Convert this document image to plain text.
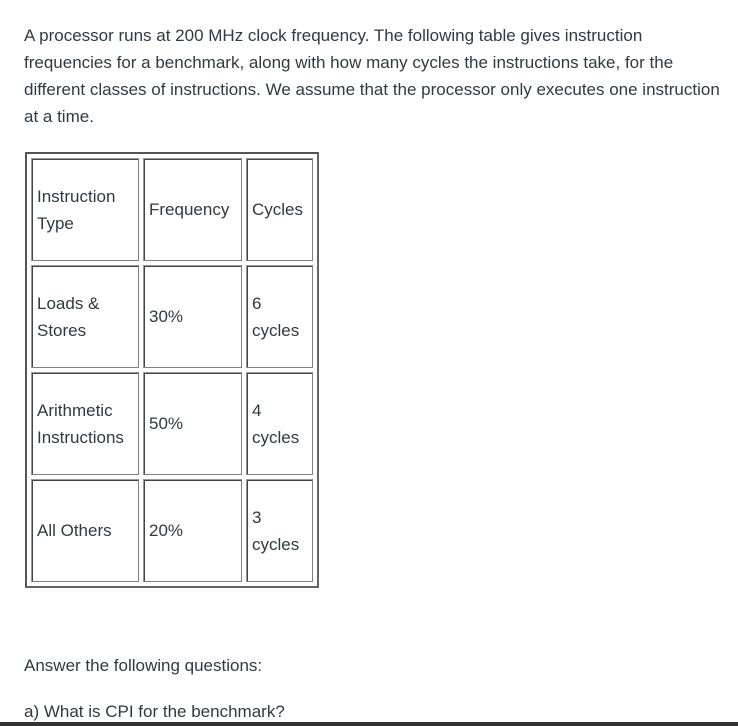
A processor runs at 200 MHz clock frequency. The following table gives instruction frequencies for a benchmark, along with how many cycles the instructions take, for the different classes of instructions. We assume that the processor only executes one instruction at a time.

Instruction Type	Frequency	Cycles
Loads & Stores	30%	6 cycles
Arithmetic Instructions	50%	4 cycles
All Others	20%	3 cycles

Answer the following questions:

a) What is CPI for the benchmark?
